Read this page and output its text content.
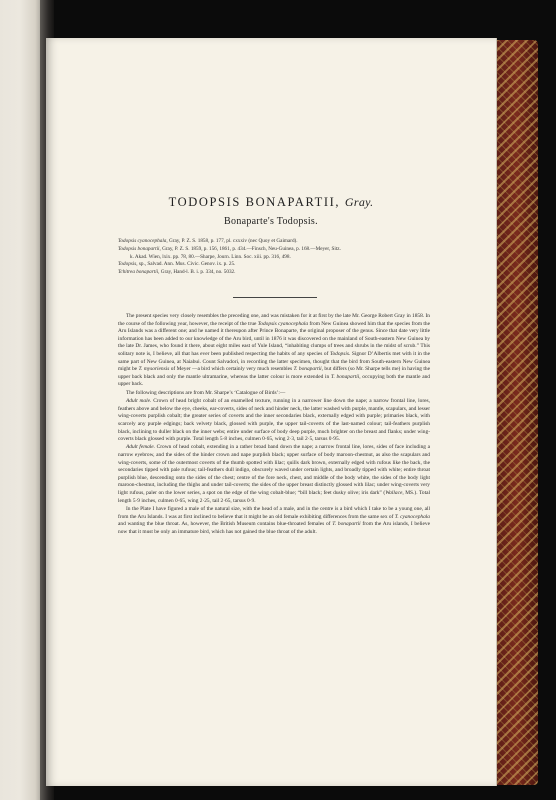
TODOPSIS BONAPARTII, Gray.
Bonaparte's Todopsis.
Todopsis cyanocephala, Gray, P. Z. S. 1858, p. 177, pl. cxxxiv (nec Quoy et Gaimard).
Todopsis bonapartii, Gray, P. Z. S. 1859, p. 156, 1861, p. 434.—Finsch, Neu-Guinea, p. 168.—Meyer, Sitz.
k. Akad. Wien, lxix. pp. 78, 80.—Sharpe, Journ. Linn. Soc. xiii. pp. 316, 498.
Todopsis, sp., Salvad. Ann. Mus. Civic. Genov. ix. p. 25.
Tchitrea bonapartii, Gray, Hand-l. B. i. p. 334, no. 5032.

The present species very closely resembles the preceding one, and was mistaken for it at first by the late Mr. George Robert Gray in 1858. In the course of the following year, however, the receipt of the true Todopsis cyanocephala from New Guinea showed him that the species from the Aru Islands was a different one; and he named it thereupon after Prince Bonaparte, the original proposer of the genus. Since that date very little information has been added to our knowledge of the Aru bird, until in 1876 it was discovered on the mainland of South-eastern New Guinea by the late Dr. James, who found it there, about eight miles east of Yule Island, “inhabiting clumps of trees and shrubs in the midst of scrub.” This solitary note is, I believe, all that has ever been published respecting the habits of any species of Todopsis. Signor D’Albertis met with it in the same part of New Guinea, at Naiabui. Count Salvadori, in recording the latter specimen, thought that the bird from South-eastern New Guinea might be T. mysoriensis of Meyer —a bird which certainly very much resembles T. bonapartii, but differs (so Mr. Sharpe tells me) in having the upper back black and only the mantle ultramarine, whereas the latter colour is more extended in T. bonapartii, occupying both the mantle and upper back.

The following descriptions are from Mr. Sharpe’s ‘Catalogue of Birds’:—

Adult male. Crown of head bright cobalt of an enamelled texture, running in a narrower line down the nape; a narrow frontal line, lores, feathers above and below the eye, cheeks, ear-coverts, sides of neck and hinder neck, the latter washed with purple, mantle, scapulars, and lesser wing-coverts purplish cobalt; the greater series of coverts and the inner secondaries black, externally edged with purple; primaries black, with scarcely any purple edgings; back velvety black, glossed with purple, the upper tail-coverts of the last-named colour; tail-feathers purplish black, inclining to duller black on the inner webs; entire under surface of body deep purple, much brighter on the breast and flanks; under wing-coverts black glossed with purple. Total length 5·8 inches, culmen 0·65, wing 2·3, tail 2·5, tarsus 0·95.

Adult female. Crown of head cobalt, extending in a rather broad band down the nape; a narrow frontal line, lores, sides of face including a narrow eyebrow, and the sides of the hinder crown and nape purplish black; upper surface of body maroon-chestnut, as also the scapulars and wing-coverts, some of the outermost coverts of the thumb spotted with lilac; quills dark brown, externally edged with rufous like the back, the secondaries tipped with pale rufous; tail-feathers dull indigo, obscurely waved under certain lights, and broadly tipped with white; entire throat purplish blue, descending onto the sides of the chest; centre of the fore neck, chest, and middle of the body white, the sides of the body light maroon-chestnut, including the thighs and under tail-coverts; the sides of the upper breast distinctly glossed with lilac; under wing-coverts very light rufous, paler on the lower series, a spot on the edge of the wing cobalt-blue; “bill black; feet dusky olive; iris dark” (Wallace, MS.). Total length 5·9 inches, culmen 0·65, wing 2·25, tail 2·65, tarsus 0·9.

In the Plate I have figured a male of the natural size, with the head of a male, and in the centre is a bird which I take to be a young one, all from the Aru Islands. I was at first inclined to believe that it might be an old female exhibiting differences from the same sex of T. cyanocephala and wanting the blue throat. As, however, the British Museum contains blue-throated females of T. bonapartii from the Aru islands, I believe now that it must be only an immature bird, which has not gained the blue throat of the adult.
